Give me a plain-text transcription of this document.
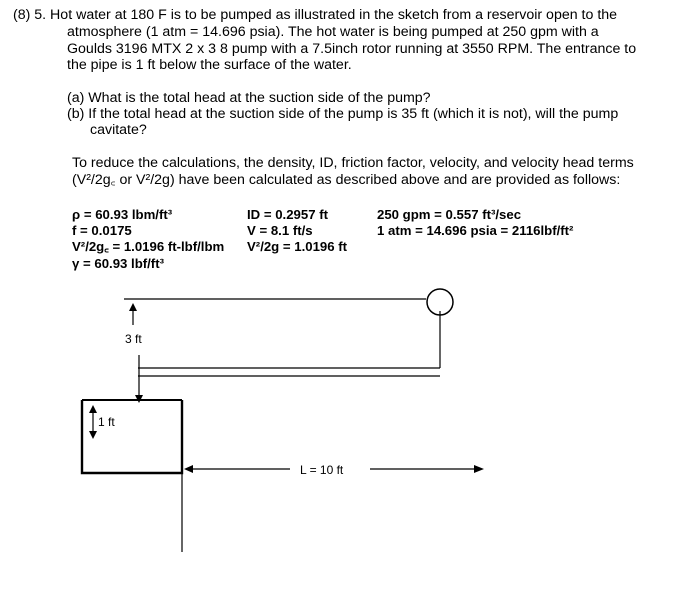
(8) 5. Hot water at 180 F is to be pumped as illustrated in the sketch from a reservoir open to the
atmosphere (1 atm = 14.696 psia). The hot water is being pumped at 250 gpm with a
Goulds 3196 MTX 2 x 3 8 pump with a 7.5inch rotor running at 3550 RPM. The entrance to
the pipe is 1 ft below the surface of the water.
(a) What is the total head at the suction side of the pump?
(b) If the total head at the suction side of the pump is 35 ft (which it is not), will the pump
cavitate?
To reduce the calculations, the density, ID, friction factor, velocity, and velocity head terms
(V²/2g꜀ or V²/2g) have been calculated as described above and are provided as follows:
ρ = 60.93 lbm/ft³
f = 0.0175
V²/2g꜀ = 1.0196 ft-lbf/lbm
γ = 60.93 lbf/ft³
ID = 0.2957 ft
V = 8.1 ft/s
V²/2g = 1.0196 ft
250 gpm = 0.557 ft³/sec
1 atm = 14.696 psia = 2116lbf/ft²
3 ft
1 ft
L = 10 ft
